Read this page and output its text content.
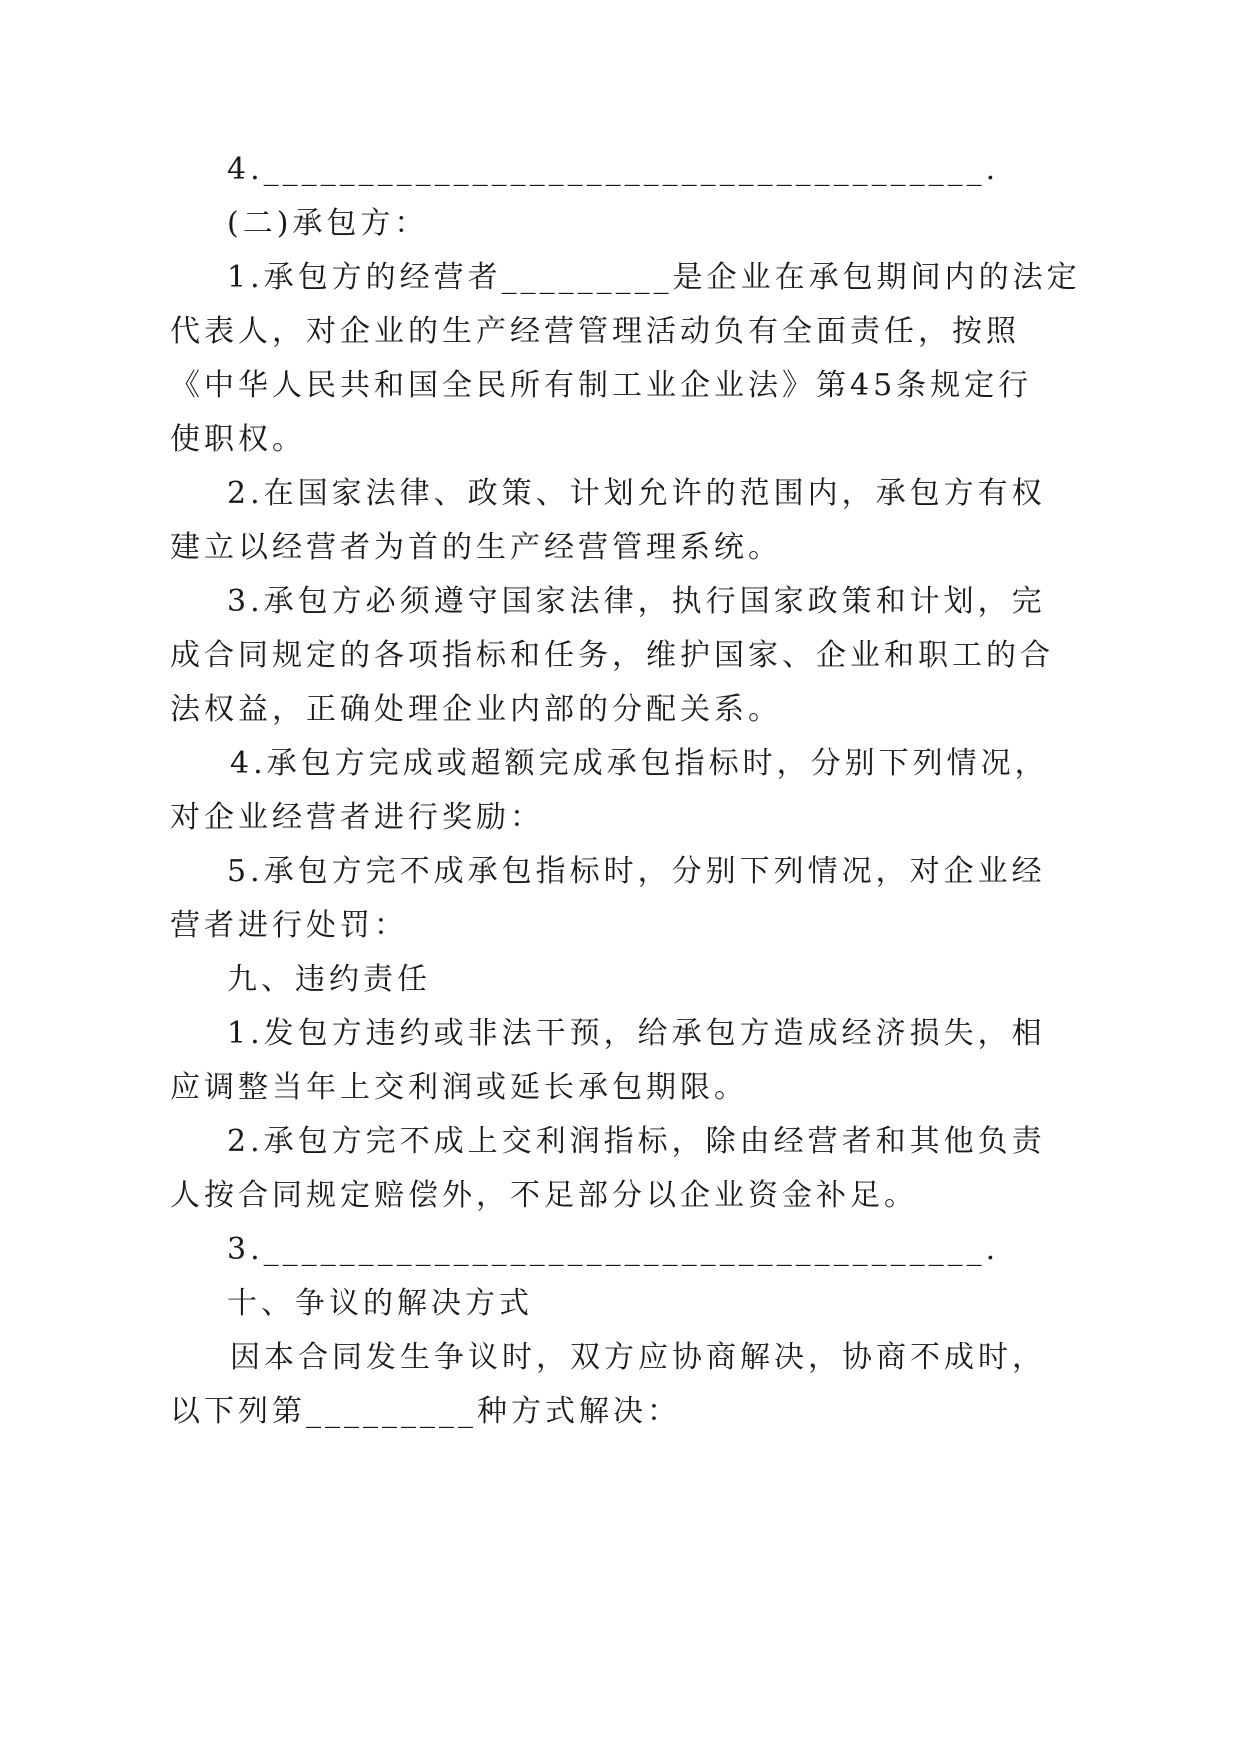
4.______________________________________.
(二)承包方：
1.承包方的经营者_________是企业在承包期间内的法定
代表人，对企业的生产经营管理活动负有全面责任，按照
《中华人民共和国全民所有制工业企业法》第45条规定行
使职权。
2.在国家法律、政策、计划允许的范围内，承包方有权
建立以经营者为首的生产经营管理系统。
3.承包方必须遵守国家法律，执行国家政策和计划，完
成合同规定的各项指标和任务，维护国家、企业和职工的合
法权益，正确处理企业内部的分配关系。
4.承包方完成或超额完成承包指标时，分别下列情况，
对企业经营者进行奖励：
5.承包方完不成承包指标时，分别下列情况，对企业经
营者进行处罚：
九、违约责任
1.发包方违约或非法干预，给承包方造成经济损失，相
应调整当年上交利润或延长承包期限。
2.承包方完不成上交利润指标，除由经营者和其他负责
人按合同规定赔偿外，不足部分以企业资金补足。
3.______________________________________.
十、争议的解决方式
因本合同发生争议时，双方应协商解决，协商不成时，
以下列第_________种方式解决：
